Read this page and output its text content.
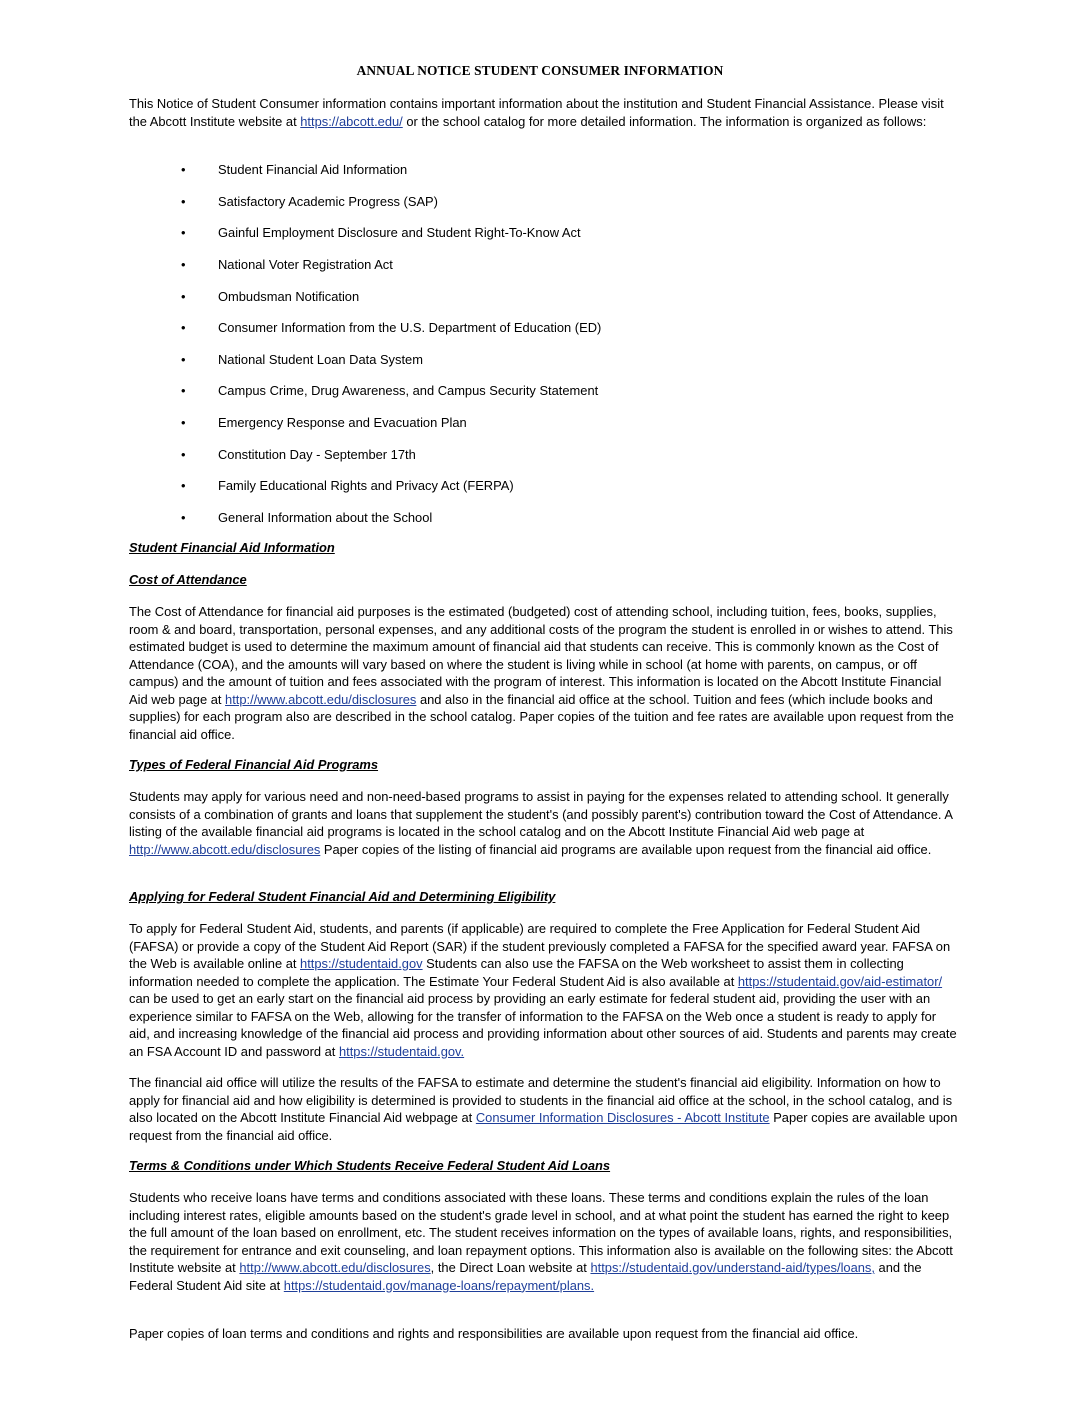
ANNUAL NOTICE STUDENT CONSUMER INFORMATION

This Notice of Student Consumer information contains important information about the institution and Student Financial Assistance. Please visit the Abcott Institute website at https://abcott.edu/ or the school catalog for more detailed information. The information is organized as follows:

•	Student Financial Aid Information
•	Satisfactory Academic Progress (SAP)
•	Gainful Employment Disclosure and Student Right-To-Know Act
•	National Voter Registration Act
•	Ombudsman Notification
•	Consumer Information from the U.S. Department of Education (ED)
•	National Student Loan Data System
•	Campus Crime, Drug Awareness, and Campus Security Statement
•	Emergency Response and Evacuation Plan
•	Constitution Day - September 17th
•	Family Educational Rights and Privacy Act (FERPA)
•	General Information about the School
Student Financial Aid Information
Cost of Attendance

The Cost of Attendance for financial aid purposes is the estimated (budgeted) cost of attending school, including tuition, fees, books, supplies, room & and board, transportation, personal expenses, and any additional costs of the program the student is enrolled in or wishes to attend. This estimated budget is used to determine the maximum amount of financial aid that students can receive. This is commonly known as the Cost of Attendance (COA), and the amounts will vary based on where the student is living while in school (at home with parents, on campus, or off campus) and the amount of tuition and fees associated with the program of interest. This information is located on the Abcott Institute Financial Aid web page at http://www.abcott.edu/disclosures and also in the financial aid office at the school. Tuition and fees (which include books and supplies) for each program also are described in the school catalog. Paper copies of the tuition and fee rates are available upon request from the financial aid office.

Types of Federal Financial Aid Programs

Students may apply for various need and non-need-based programs to assist in paying for the expenses related to attending school. It generally consists of a combination of grants and loans that supplement the student's (and possibly parent's) contribution toward the Cost of Attendance. A listing of the available financial aid programs is located in the school catalog and on the Abcott Institute Financial Aid web page at http://www.abcott.edu/disclosures Paper copies of the listing of financial aid programs are available upon request from the financial aid office.

Applying for Federal Student Financial Aid and Determining Eligibility

To apply for Federal Student Aid, students, and parents (if applicable) are required to complete the Free Application for Federal Student Aid (FAFSA) or provide a copy of the Student Aid Report (SAR) if the student previously completed a FAFSA for the specified award year. FAFSA on the Web is available online at https://studentaid.gov Students can also use the FAFSA on the Web worksheet to assist them in collecting information needed to complete the application. The Estimate Your Federal Student Aid is also available at https://studentaid.gov/aid-estimator/ can be used to get an early start on the financial aid process by providing an early estimate for federal student aid, providing the user with an experience similar to FAFSA on the Web, allowing for the transfer of information to the FAFSA on the Web once a student is ready to apply for aid, and increasing knowledge of the financial aid process and providing information about other sources of aid. Students and parents may create an FSA Account ID and password at https://studentaid.gov.

The financial aid office will utilize the results of the FAFSA to estimate and determine the student's financial aid eligibility. Information on how to apply for financial aid and how eligibility is determined is provided to students in the financial aid office at the school, in the school catalog, and is also located on the Abcott Institute Financial Aid webpage at Consumer Information Disclosures - Abcott Institute Paper copies are available upon request from the financial aid office.

Terms & Conditions under Which Students Receive Federal Student Aid Loans

Students who receive loans have terms and conditions associated with these loans. These terms and conditions explain the rules of the loan including interest rates, eligible amounts based on the student's grade level in school, and at what point the student has earned the right to keep the full amount of the loan based on enrollment, etc. The student receives information on the types of available loans, rights, and responsibilities, the requirement for entrance and exit counseling, and loan repayment options. This information also is available on the following sites: the Abcott Institute website at http://www.abcott.edu/disclosures, the Direct Loan website at https://studentaid.gov/understand-aid/types/loans, and the Federal Student Aid site at https://studentaid.gov/manage-loans/repayment/plans.

Paper copies of loan terms and conditions and rights and responsibilities are available upon request from the financial aid office.
